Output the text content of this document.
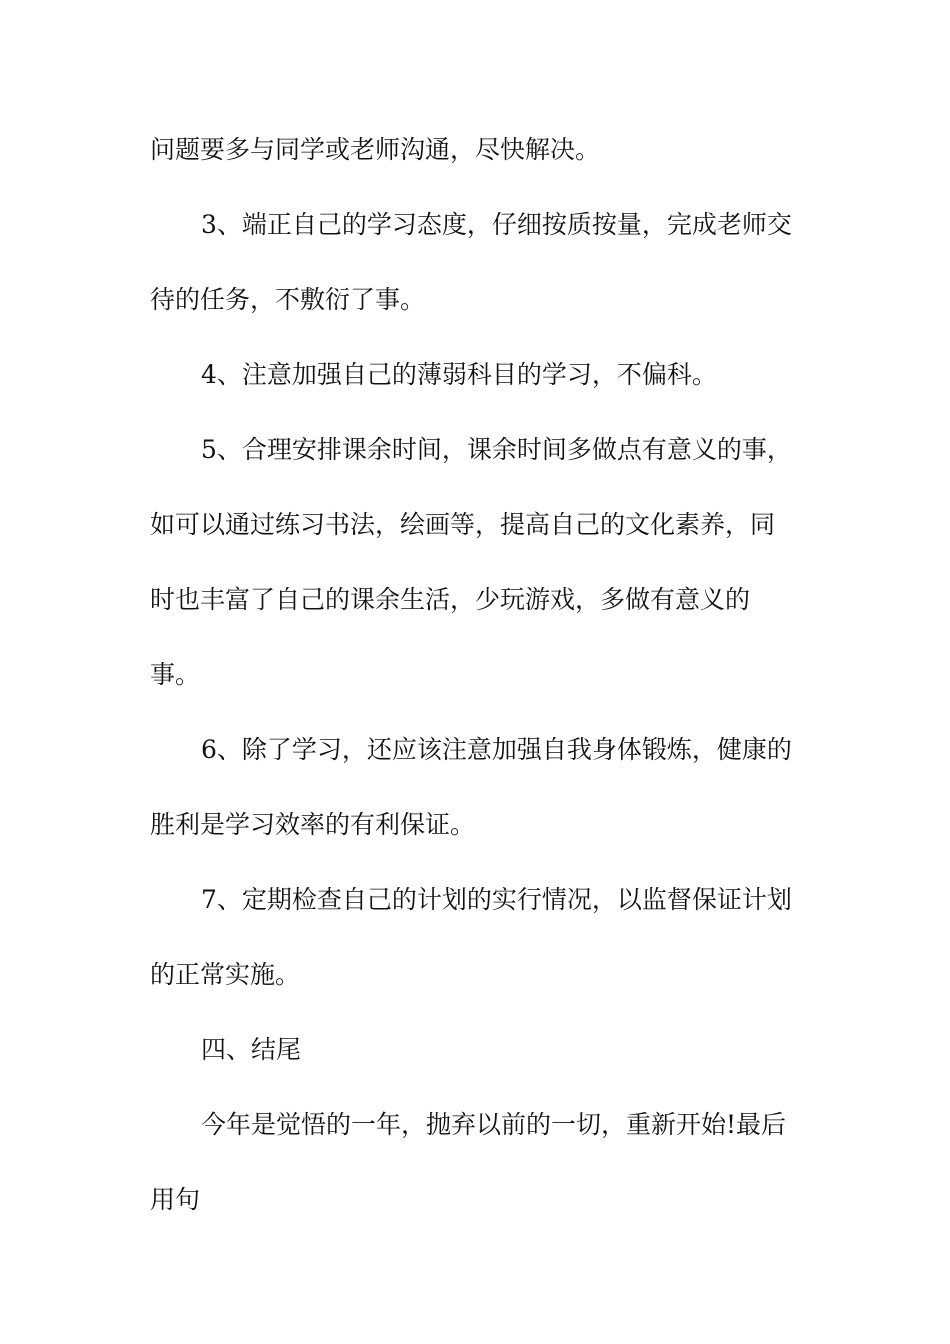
问题要多与同学或老师沟通，尽快解决。
3、端正自己的学习态度，仔细按质按量，完成老师交
待的任务，不敷衍了事。
4、注意加强自己的薄弱科目的学习，不偏科。
5、合理安排课余时间，课余时间多做点有意义的事，
如可以通过练习书法，绘画等，提高自己的文化素养，同
时也丰富了自己的课余生活，少玩游戏，多做有意义的
事。
6、除了学习，还应该注意加强自我身体锻炼，健康的
胜利是学习效率的有利保证。
7、定期检查自己的计划的实行情况，以监督保证计划
的正常实施。
四、结尾
今年是觉悟的一年，抛弃以前的一切，重新开始!最后
用句
